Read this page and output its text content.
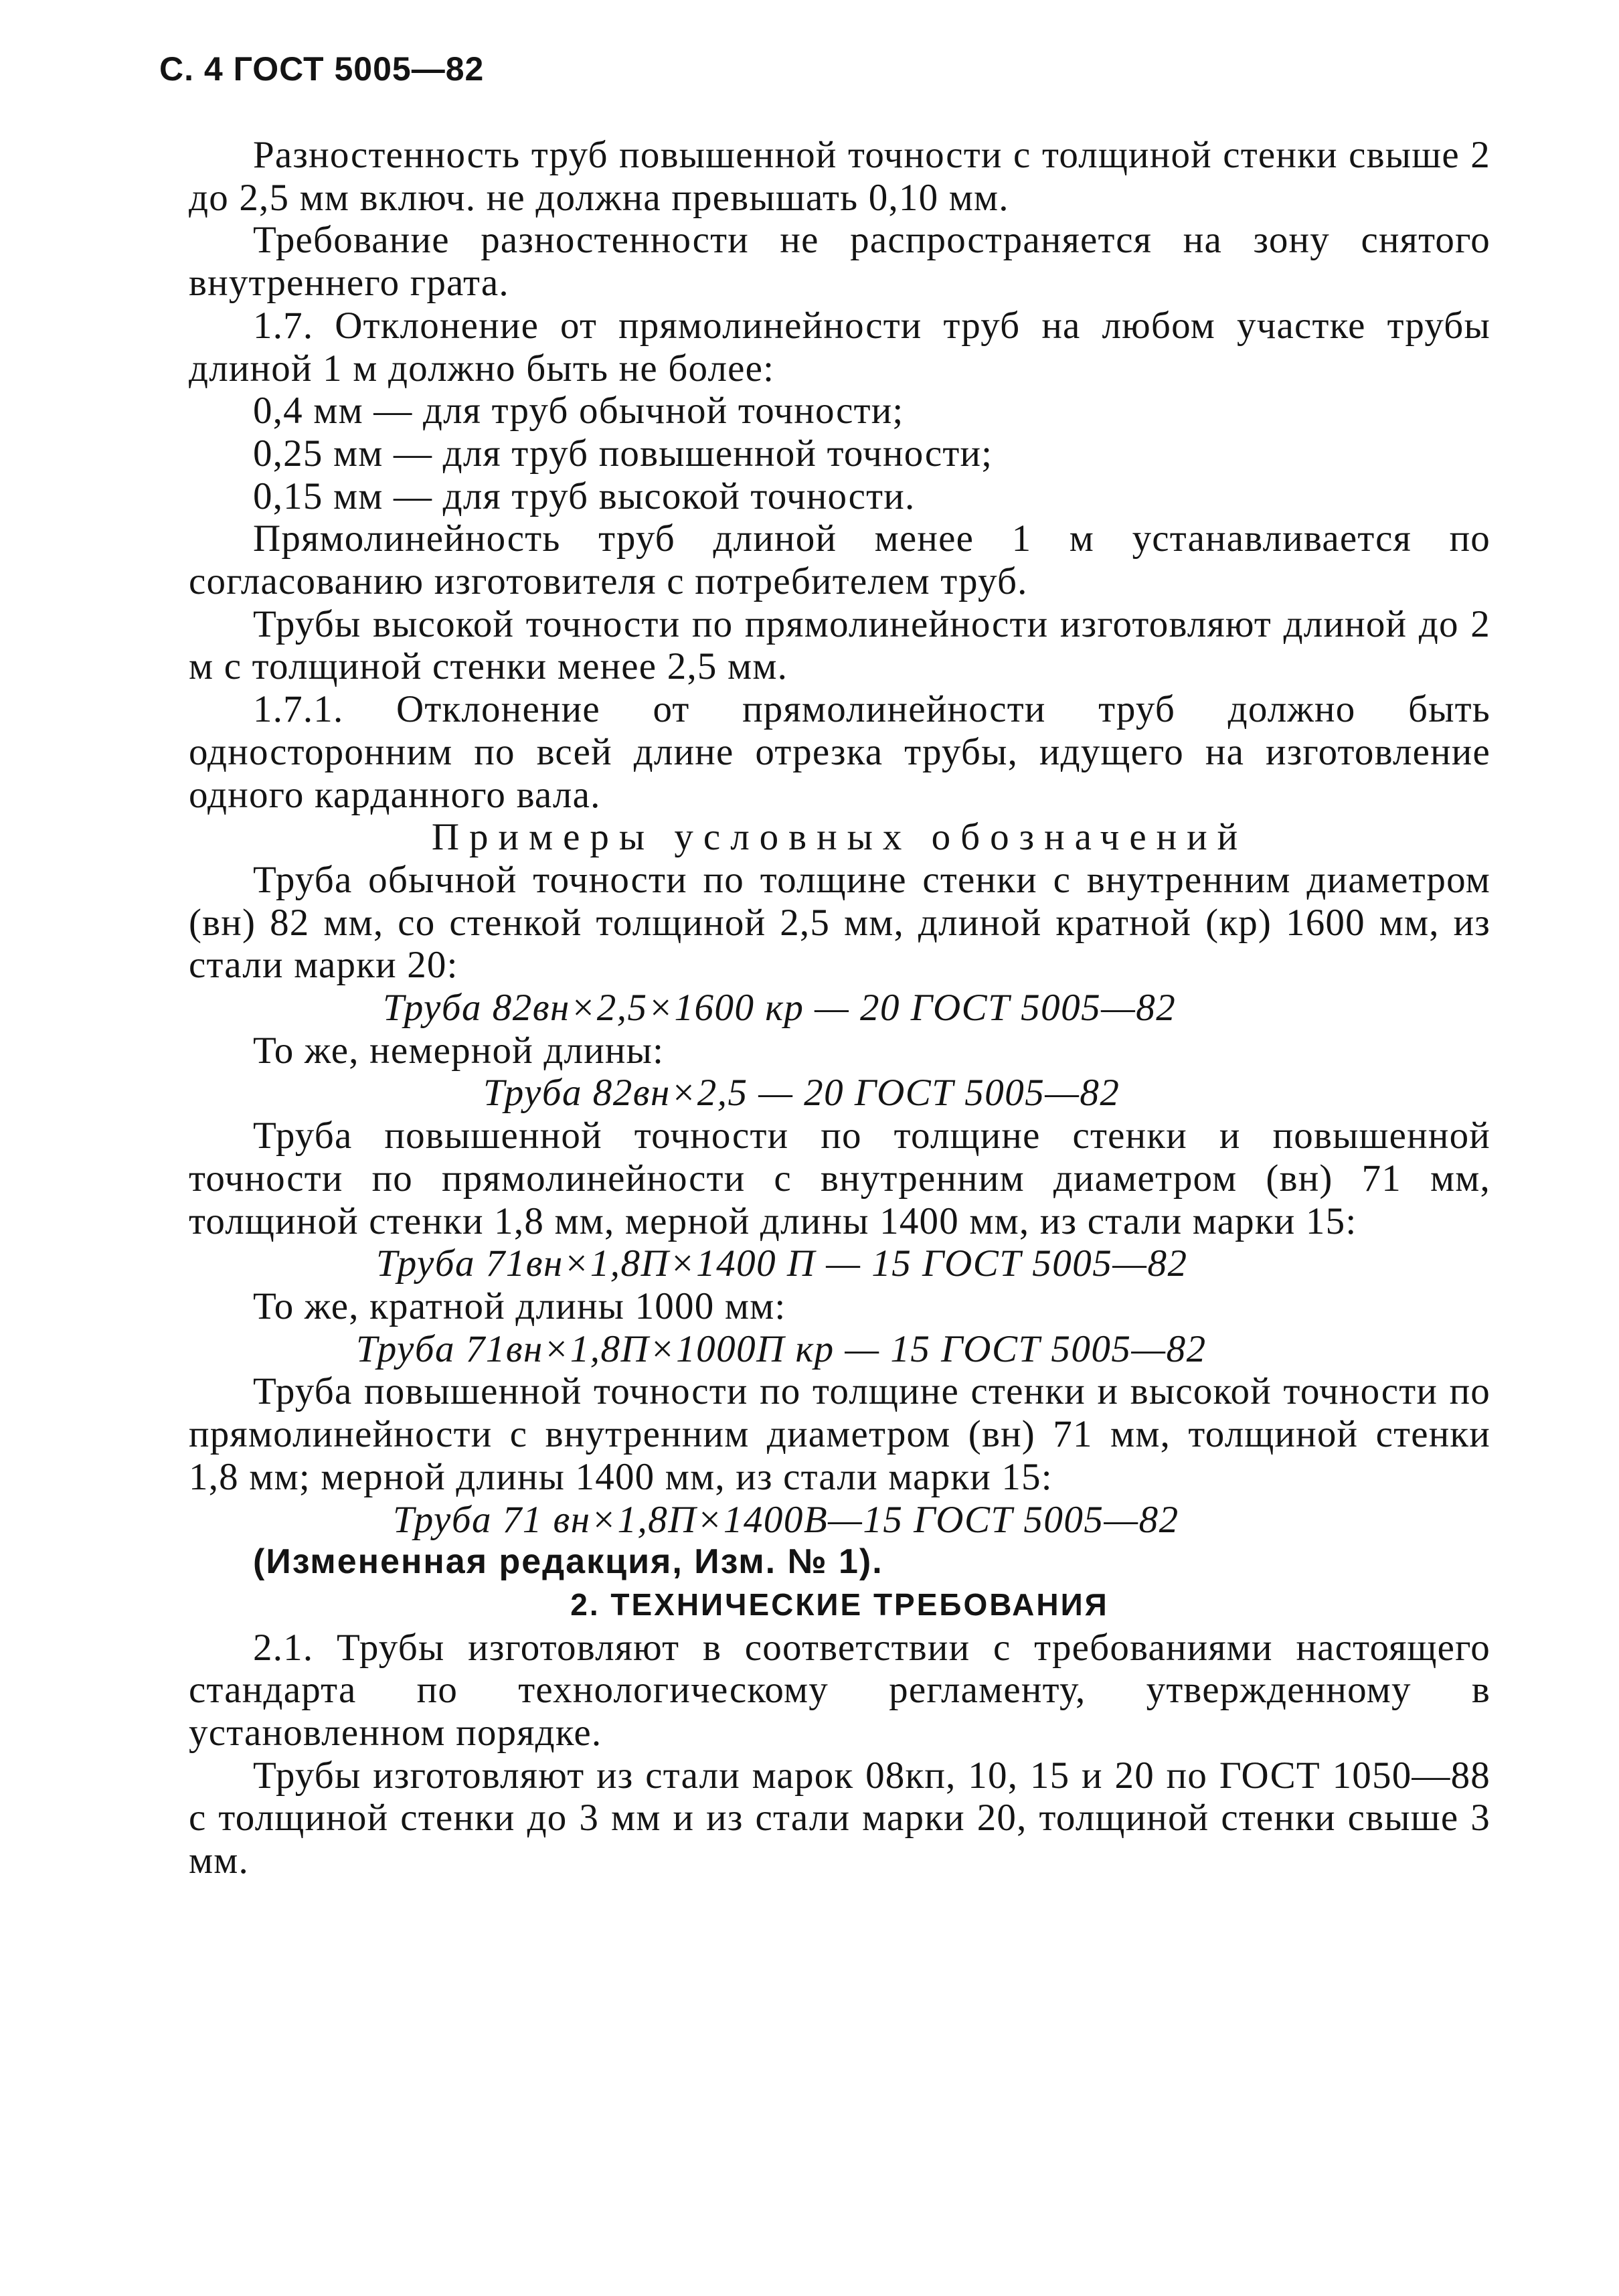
С. 4 ГОСТ 5005—82

Разностенность труб повышенной точности с толщиной стенки свыше 2 до 2,5 мм включ. не должна превышать 0,10 мм.

Требование разностенности не распространяется на зону снятого внутреннего грата.

1.7. Отклонение от прямолинейности труб на любом участке трубы длиной 1 м должно быть не более:

0,4 мм — для труб обычной точности;

0,25 мм — для труб повышенной точности;

0,15 мм — для труб высокой точности.

Прямолинейность труб длиной менее 1 м устанавливается по согласованию изготовителя с потребителем труб.

Трубы высокой точности по прямолинейности изготовляют длиной до 2 м с толщиной стенки менее 2,5 мм.

1.7.1. Отклонение от прямолинейности труб должно быть односторонним по всей длине отрезка трубы, идущего на изготовление одного карданного вала.

Примеры условных обозначений

Труба обычной точности по толщине стенки с внутренним диаметром (вн) 82 мм, со стенкой толщиной 2,5 мм, длиной кратной (кр) 1600 мм, из стали марки 20:

Труба 82вн×2,5×1600 кр — 20 ГОСТ 5005—82

То же, немерной длины:

Труба 82вн×2,5 — 20 ГОСТ 5005—82

Труба повышенной точности по толщине стенки и повышенной точности по прямолинейности с внутренним диаметром (вн) 71 мм, толщиной стенки 1,8 мм, мерной длины 1400 мм, из стали марки 15:

Труба 71вн×1,8П×1400 П — 15 ГОСТ 5005—82

То же, кратной длины 1000 мм:

Труба 71вн×1,8П×1000П кр — 15 ГОСТ 5005—82

Труба повышенной точности по толщине стенки и высокой точности по прямолинейности с внутренним диаметром (вн) 71 мм, толщиной стенки 1,8 мм; мерной длины 1400 мм, из стали марки 15:

Труба 71 вн×1,8П×1400В—15 ГОСТ 5005—82

(Измененная редакция, Изм. № 1).

2. ТЕХНИЧЕСКИЕ ТРЕБОВАНИЯ

2.1. Трубы изготовляют в соответствии с требованиями настоящего стандарта по технологическому регламенту, утвержденному в установленном порядке.

Трубы изготовляют из стали марок 08кп, 10, 15 и 20 по ГОСТ 1050—88 с толщиной стенки до 3 мм и из стали марки 20, толщиной стенки свыше 3 мм.
